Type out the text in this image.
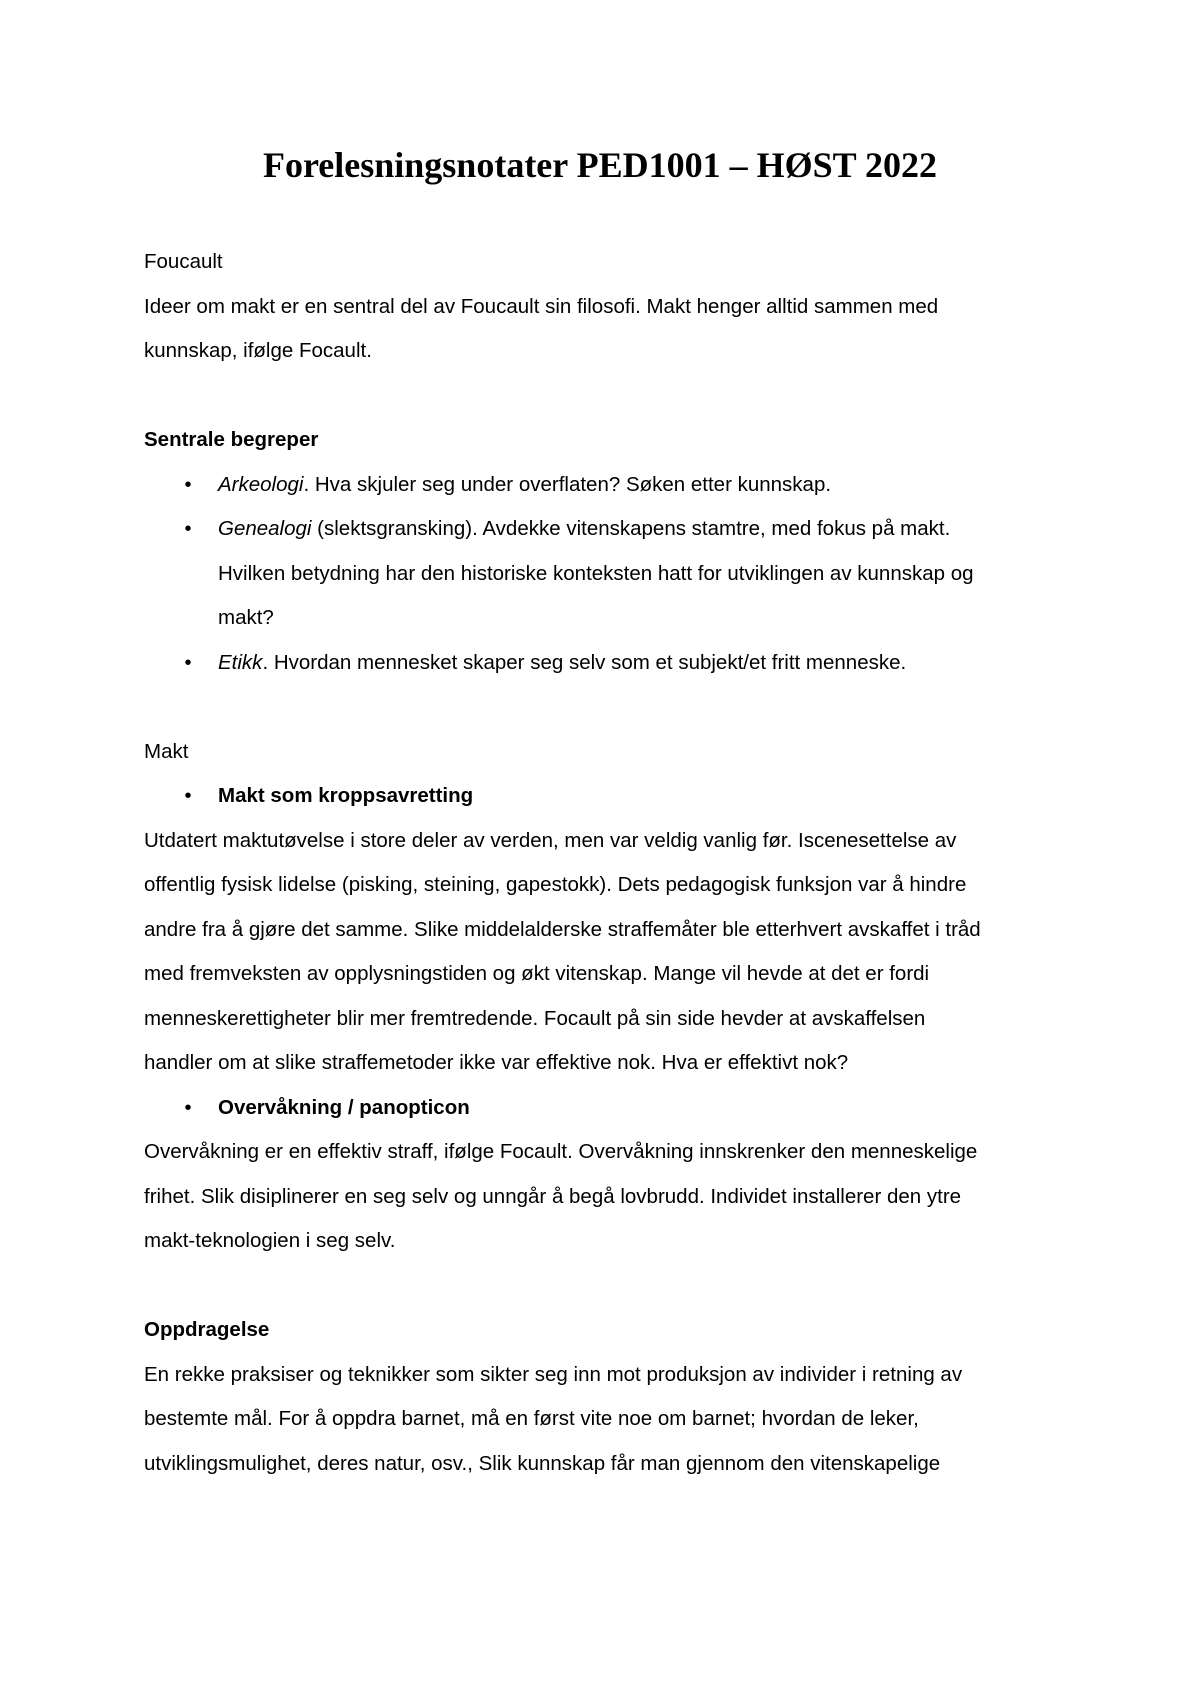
Forelesningsnotater PED1001 – HØST 2022

Foucault

Ideer om makt er en sentral del av Foucault sin filosofi. Makt henger alltid sammen med

kunnskap, ifølge Focault.

Sentrale begreper

• Arkeologi. Hva skjuler seg under overflaten? Søken etter kunnskap.
• Genealogi (slektsgransking). Avdekke vitenskapens stamtre, med fokus på makt.
Hvilken betydning har den historiske konteksten hatt for utviklingen av kunnskap og
makt?
• Etikk. Hvordan mennesket skaper seg selv som et subjekt/et fritt menneske.

Makt

• Makt som kroppsavretting

Utdatert maktutøvelse i store deler av verden, men var veldig vanlig før. Iscenesettelse av

offentlig fysisk lidelse (pisking, steining, gapestokk). Dets pedagogisk funksjon var å hindre

andre fra å gjøre det samme. Slike middelalderske straffemåter ble etterhvert avskaffet i tråd

med fremveksten av opplysningstiden og økt vitenskap. Mange vil hevde at det er fordi

menneskerettigheter blir mer fremtredende. Focault på sin side hevder at avskaffelsen

handler om at slike straffemetoder ikke var effektive nok. Hva er effektivt nok?

• Overvåkning / panopticon

Overvåkning er en effektiv straff, ifølge Focault. Overvåkning innskrenker den menneskelige

frihet. Slik disiplinerer en seg selv og unngår å begå lovbrudd. Individet installerer den ytre

makt-teknologien i seg selv.

Oppdragelse

En rekke praksiser og teknikker som sikter seg inn mot produksjon av individer i retning av

bestemte mål. For å oppdra barnet, må en først vite noe om barnet; hvordan de leker,

utviklingsmulighet, deres natur, osv., Slik kunnskap får man gjennom den vitenskapelige
